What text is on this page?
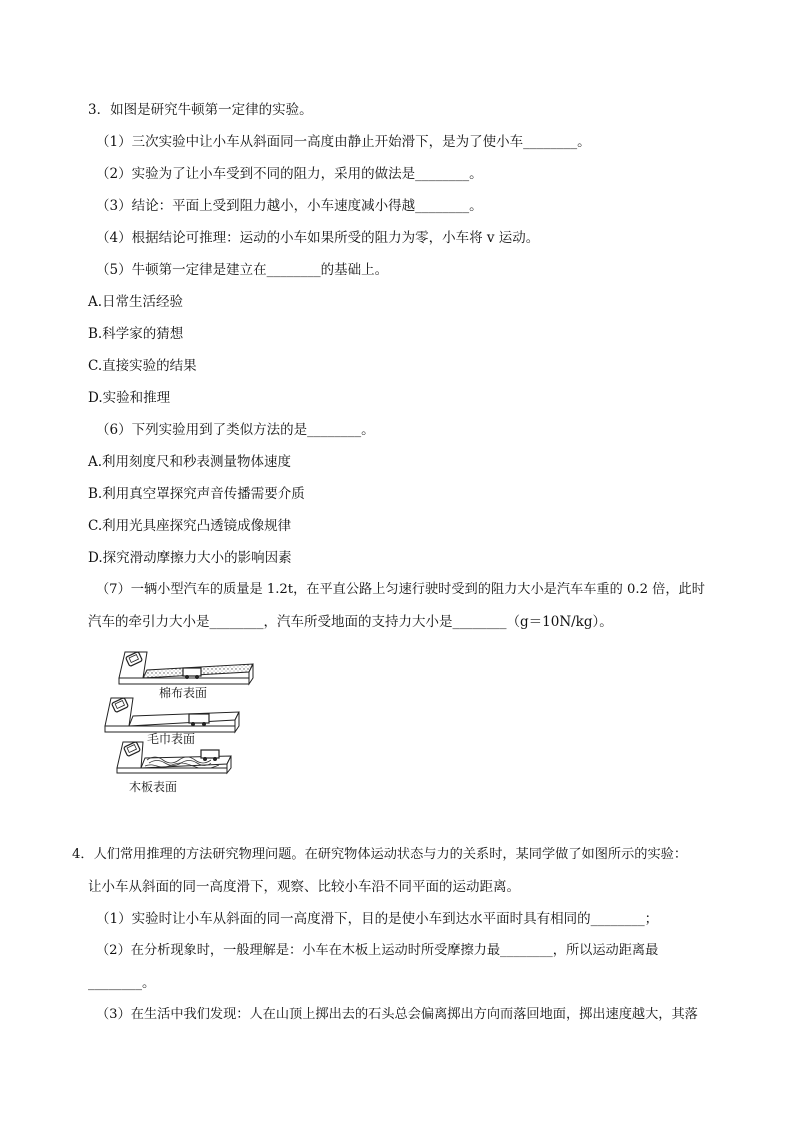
3．如图是研究牛顿第一定律的实验。
（1）三次实验中让小车从斜面同一高度由静止开始滑下，是为了使小车________。
（2）实验为了让小车受到不同的阻力，采用的做法是________。
（3）结论：平面上受到阻力越小，小车速度减小得越________。
（4）根据结论可推理：运动的小车如果所受的阻力为零，小车将 v 运动。
（5）牛顿第一定律是建立在________的基础上。
A.日常生活经验
B.科学家的猜想
C.直接实验的结果
D.实验和推理
（6）下列实验用到了类似方法的是________。
A.利用刻度尺和秒表测量物体速度
B.利用真空罩探究声音传播需要介质
C.利用光具座探究凸透镜成像规律
D.探究滑动摩擦力大小的影响因素
（7）一辆小型汽车的质量是 1.2t，在平直公路上匀速行驶时受到的阻力大小是汽车车重的 0.2 倍，此时
汽车的牵引力大小是________，汽车所受地面的支持力大小是________（g＝10N/kg）。
棉布表面
毛巾表面
木板表面
4．人们常用推理的方法研究物理问题。在研究物体运动状态与力的关系时，某同学做了如图所示的实验：
让小车从斜面的同一高度滑下，观察、比较小车沿不同平面的运动距离。
（1）实验时让小车从斜面的同一高度滑下，目的是使小车到达水平面时具有相同的________；
（2）在分析现象时，一般理解是：小车在木板上运动时所受摩擦力最________，所以运动距离最
________。
（3）在生活中我们发现：人在山顶上掷出去的石头总会偏离掷出方向而落回地面，掷出速度越大，其落
